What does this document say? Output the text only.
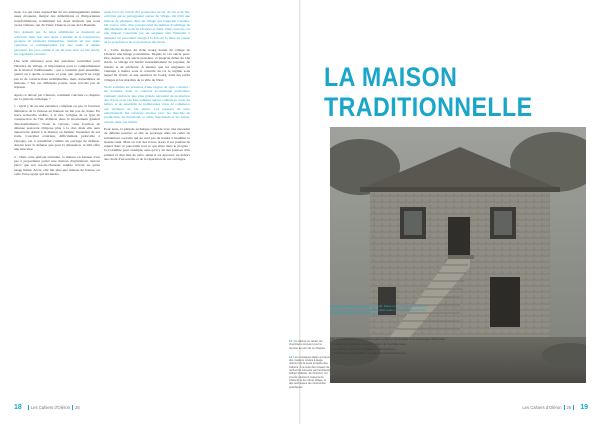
rieur. Ce qui reste aujourd'hui de ces aménagements résiste assez éloquent, malgré des démolitions et d'importantes transformations, notamment les deux maisons que nous avons visitées, rue du Vieux Chancet et rue de la Bastelle.

Nos données par, de telles similitudes se dessinent en achevant, mais non sans doute à étudier de la construction groupée de plusieurs immeubles, réalisés en une seule opération et communiquées par une seule et même personne. Un peu comme il est dit plus tard, au 19e siècle, les logements ouvriers.

Une telle référence pose des questions contrôlées pour l'histoire du village, et importantes pour la compréhension de la maison traditionnelle : qui a construit quel ensemble, quand ou à quelle occasion, et pour qui, puisqu'il ne s'agit pas là de constructions individuelles, mais d'ensembles de maisons ? Sur ces différents points, nous n'avons pas de réponse.

Après ce détour par Chancet, comment conclure ce chapitre sur la période archaïque ?

1 - Qu'il y ait eu une existence complète ou pas, la fonction défensive de la maison en hauteur ne fait pas de doute. En notre recherche visible, à la cité, l'origine de ce type de construction de l'île d'Oléron dans le mouvement général d'incastellamento. Nous le verrons, cette fonction de défense pastorale s'impose plus à la cité, mais elle aura auparavant donné à la maison en hauteur l'essentiel de ses traits. L'escalier extérieur, difficilement praticable à l'époque, est à considérer comme un ouvrage de défense. Autant pour la défense que pour la dissuasion, le bâti offre une structure.

2 - Dans cette période lointaine, la maison en hauteur n'est pas à proprement parler une maison d'agriculteur, surtout parce que son rez-de-chaussée semble n'avoir eu qu'un usage limité. Alors, elle fait plus une maison de bourse, ou celle d'un paysan qui deviendra.

seule force de travail d'la production de sel, de vin et de blé, activités qui se partageaient autour du village. On bâtit une maison de pêcheurs dans un village qui s'appelait Carrière. On trouve celle d'un paysan/celui de métiers d'outillage de défrichement du nom de Chancet et Neuf. Dans tous les cas une maison construite par un seigneur afin d'installer à demeure un personnel chargé à la fois de la mise en valeur de la propriété et de la protection des biens.

3 - Cette analyse du riche bourg donne du village de Chancet une image particulière. Depuis le 11e siècle peut-être, depuis le 12e siècle peut-être, et jusqu'au début du 16e siècle, le village est habité essentiellement de paysans, de marins et de pêcheurs. À mesure que les seigneurs en viennent à mettre sous le contrôle du roi le régime sous lequel ils vivent, et aux quartiers de bourg, dans des petits villages et les marchés de la ville de Niort.

Nous sommes en présence d'une région de type colonial : les données, dans ce contexte économique particulier, viennent renforcer une plus grande nécessité de production des vivres et de vie. Des sommes qui les coûtent au cours du temps, et un ensemble de nombreuses voies de commerce qui viennent au 13e siècle. Ces rapports de terre entretiennent des relations étroites avec les marchés de production, du marchand, le salin, marchands et les autres, chacun dans son métier.

Pour nous, la période archaïque coïncide avec une nécessité de défense passive, et elle se prolonge dans un cadre de turbulences sociales qui ne sont pas de nature à modifier le monde rural. Mais on voit des traces. Alors il est prudent de rejeter dans ce panorama tout ce qui entre dans le progrès ; la Colombie pour exemple, sans qu'il y ait des preuves d'un prieuré et d'un lieu de culte. Ainsi il est éprouvé, en dehors des choix d'un terrain, et de la réparation de ces ouvrages.

18 Les Cahiers d'Oléron 26

12. Ce cabinet ou retrait, les chercheurs trouvent pour la réunion au sein de ce chapitre.

13. Les remarques faites à propos des maisons rurales à étage relèvent de la seule enquête des Cahiers. À la suite des travaux de recherche entrepris par l'architecte Gilbert Pelletier, de Chancet, ont inventé plusieurs maisons de Chancet et du même village, et des techniques de construction spécifiques.

LA MAISON
TRADITIONNELLE
Maison à escalier extérieur, à Chancet. Datée en même des liens et de la rue du Vieux Chancet, cette maison traditionnelle à escalier ajouté de la fin du 16e siècle (Cliché Laure Renaud).

Les trois chapitres rassemblés sous ce titre vont donner trois éclairages différents :

- Formes et fonctions, abordé l'angle de l'architecture,

- Le nombre, donne la dimension urbanistique,

- Une maison incomplète, évoque les transformations.

Les Cahiers d'Oléron 26 19
